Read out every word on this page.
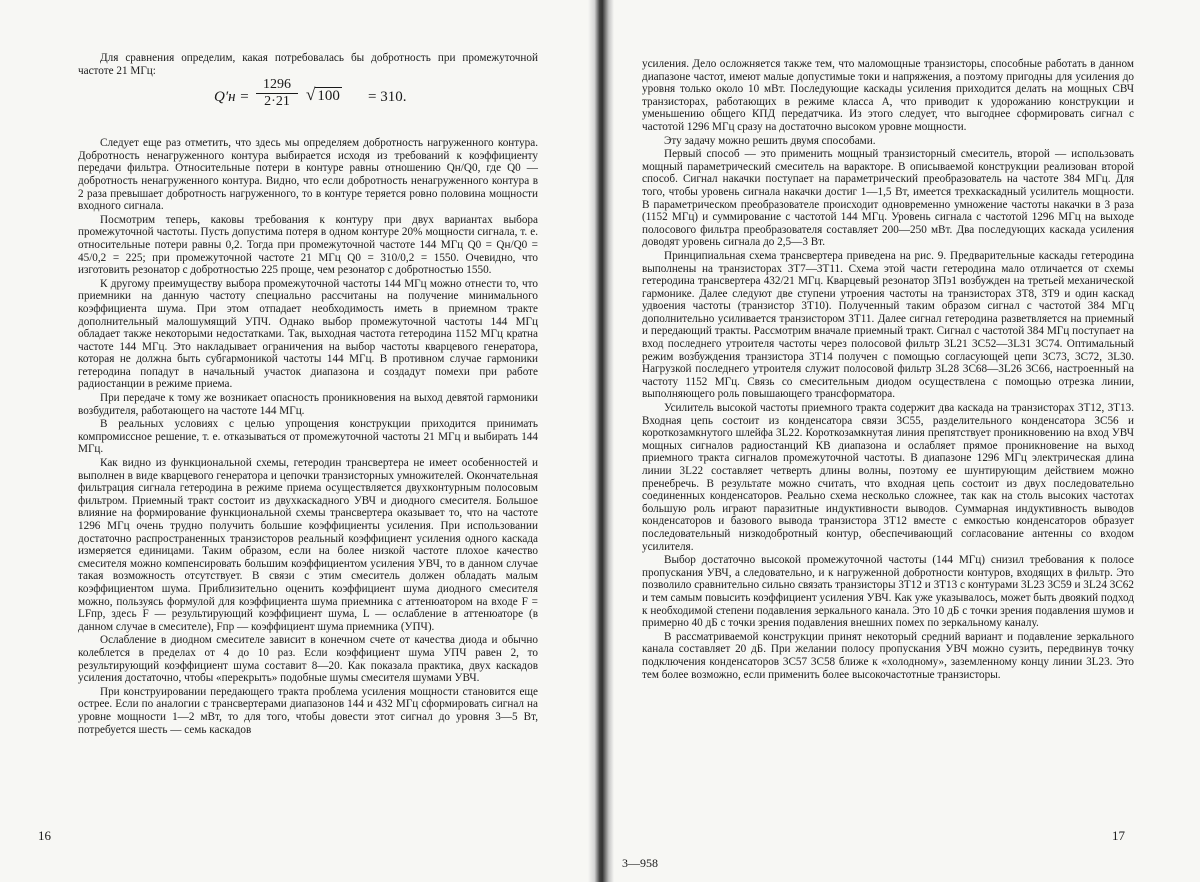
Для сравнения определим, какая потребовалась бы добротность при промежуточной частоте 21 МГц:

$Q'н = \frac{1296}{2\cdot 21}$ √ 100 = 310.

Следует еще раз отметить, что здесь мы определяем добротность нагруженного контура. Добротность ненагруженного контура выбирается исходя из требований к коэффициенту передачи фильтра. Относительные потери в контуре равны отношению Qн/Q0, где Q0 — добротность ненагруженного контура. Видно, что если добротность ненагруженного контура в 2 раза превышает добротность нагруженного, то в контуре теряется ровно половина мощности входного сигнала.

Посмотрим теперь, каковы требования к контуру при двух вариантах выбора промежуточной частоты. Пусть допустима потеря в одном контуре 20% мощности сигнала, т. е. относительные потери равны 0,2. Тогда при промежуточной частоте 144 МГц Q0 = Qн/Q0 = 45/0,2 = 225; при промежуточной частоте 21 МГц Q0 = 310/0,2 = 1550. Очевидно, что изготовить резонатор с добротностью 225 проще, чем резонатор с добротностью 1550.

К другому преимуществу выбора промежуточной частоты 144 МГц можно отнести то, что приемники на данную частоту специально рассчитаны на получение минимального коэффициента шума. При этом отпадает необходимость иметь в приемном тракте дополнительный малошумящий УПЧ. Однако выбор промежуточной частоты 144 МГц обладает также некоторыми недостатками. Так, выходная частота гетеродина 1152 МГц кратна частоте 144 МГц. Это накладывает ограничения на выбор частоты кварцевого генератора, которая не должна быть субгармоникой частоты 144 МГц. В противном случае гармоники гетеродина попадут в начальный участок диапазона и создадут помехи при работе радиостанции в режиме приема.

При передаче к тому же возникает опасность проникновения на выход девятой гармоники возбудителя, работающего на частоте 144 МГц.

В реальных условиях с целью упрощения конструкции приходится принимать компромиссное решение, т. е. отказываться от промежуточной частоты 21 МГц и выбирать 144 МГц.

Как видно из функциональной схемы, гетеродин трансвертера не имеет особенностей и выполнен в виде кварцевого генератора и цепочки транзисторных умножителей. Окончательная фильтрация сигнала гетеродина в режиме приема осуществляется двухконтурным полосовым фильтром. Приемный тракт состоит из двухкаскадного УВЧ и диодного смесителя. Большое влияние на формирование функциональной схемы трансвертера оказывает то, что на частоте 1296 МГц очень трудно получить большие коэффициенты усиления. При использовании достаточно распространенных транзисторов реальный коэффициент усиления одного каскада измеряется единицами. Таким образом, если на более низкой частоте плохое качество смесителя можно компенсировать большим коэффициентом усиления УВЧ, то в данном случае такая возможность отсутствует. В связи с этим смеситель должен обладать малым коэффициентом шума. Приблизительно оценить коэффициент шума диодного смесителя можно, пользуясь формулой для коэффициента шума приемника с аттенюатором на входе F = LFпр, здесь F — результирующий коэффициент шума, L — ослабление в аттенюаторе (в данном случае в смесителе), Fпр — коэффициент шума приемника (УПЧ).

Ослабление в диодном смесителе зависит в конечном счете от качества диода и обычно колеблется в пределах от 4 до 10 раз. Если коэффициент шума УПЧ равен 2, то результирующий коэффициент шума составит 8—20. Как показала практика, двух каскадов усиления достаточно, чтобы «перекрыть» подобные шумы смесителя шумами УВЧ.

При конструировании передающего тракта проблема усиления мощности становится еще острее. Если по аналогии с трансвертерами диапазонов 144 и 432 МГц сформировать сигнал на уровне мощности 1—2 мВт, то для того, чтобы довести этот сигнал до уровня 3—5 Вт, потребуется шесть — семь каскадов

16

усиления. Дело осложняется также тем, что маломощные транзисторы, способные работать в данном диапазоне частот, имеют малые допустимые токи и напряжения, а поэтому пригодны для усиления до уровня только около 10 мВт. Последующие каскады усиления приходится делать на мощных СВЧ транзисторах, работающих в режиме класса А, что приводит к удорожанию конструкции и уменьшению общего КПД передатчика. Из этого следует, что выгоднее сформировать сигнал с частотой 1296 МГц сразу на достаточно высоком уровне мощности.

Эту задачу можно решить двумя способами.

Первый способ — это применить мощный транзисторный смеситель, второй — использовать мощный параметрический смеситель на варакторе. В описываемой конструкции реализован второй способ. Сигнал накачки поступает на параметрический преобразователь на частоте 384 МГц. Для того, чтобы уровень сигнала накачки достиг 1—1,5 Вт, имеется трехкаскадный усилитель мощности. В параметрическом преобразователе происходит одновременно умножение частоты накачки в 3 раза (1152 МГц) и суммирование с частотой 144 МГц. Уровень сигнала с частотой 1296 МГц на выходе полосового фильтра преобразователя составляет 200—250 мВт. Два последующих каскада усиления доводят уровень сигнала до 2,5—3 Вт.

Принципиальная схема трансвертера приведена на рис. 9. Предварительные каскады гетеродина выполнены на транзисторах 3Т7—3Т11. Схема этой части гетеродина мало отличается от схемы гетеродина трансвертера 432/21 МГц. Кварцевый резонатор 3Пэ1 возбужден на третьей механической гармонике. Далее следуют две ступени утроения частоты на транзисторах 3Т8, 3Т9 и один каскад удвоения частоты (транзистор 3Т10). Полученный таким образом сигнал с частотой 384 МГц дополнительно усиливается транзистором 3Т11. Далее сигнал гетеродина разветвляется на приемный и передающий тракты. Рассмотрим вначале приемный тракт. Сигнал с частотой 384 МГц поступает на вход последнего утроителя частоты через полосовой фильтр 3L21 3С52—3L31 3С74. Оптимальный режим возбуждения транзистора 3Т14 получен с помощью согласующей цепи 3С73, 3С72, 3L30. Нагрузкой последнего утроителя служит полосовой фильтр 3L28 3С68—3L26 3С66, настроенный на частоту 1152 МГц. Связь со смесительным диодом осуществлена с помощью отрезка линии, выполняющего роль повышающего трансформатора.

Усилитель высокой частоты приемного тракта содержит два каскада на транзисторах 3Т12, 3Т13. Входная цепь состоит из конденсатора связи 3С55, разделительного конденсатора 3С56 и короткозамкнутого шлейфа 3L22. Короткозамкнутая линия препятствует проникновению на вход УВЧ мощных сигналов радиостанций КВ диапазона и ослабляет прямое проникновение на выход приемного тракта сигналов промежуточной частоты. В диапазоне 1296 МГц электрическая длина линии 3L22 составляет четверть длины волны, поэтому ее шунтирующим действием можно пренебречь. В результате можно считать, что входная цепь состоит из двух последовательно соединенных конденсаторов. Реально схема несколько сложнее, так как на столь высоких частотах большую роль играют паразитные индуктивности выводов. Суммарная индуктивность выводов конденсаторов и базового вывода транзистора 3Т12 вместе с емкостью конденсаторов образует последовательный низкодобротный контур, обеспечивающий согласование антенны со входом усилителя.

Выбор достаточно высокой промежуточной частоты (144 МГц) снизил требования к полосе пропускания УВЧ, а следовательно, и к нагруженной добротности контуров, входящих в фильтр. Это позволило сравнительно сильно связать транзисторы 3Т12 и 3Т13 с контурами 3L23 3С59 и 3L24 3С62 и тем самым повысить коэффициент усиления УВЧ. Как уже указывалось, может быть двоякий подход к необходимой степени подавления зеркального канала. Это 10 дБ с точки зрения подавления шумов и примерно 40 дБ с точки зрения подавления внешних помех по зеркальному каналу.

В рассматриваемой конструкции принят некоторый средний вариант и подавление зеркального канала составляет 20 дБ. При желании полосу пропускания УВЧ можно сузить, передвинув точку подключения конденсаторов 3С57 3С58 ближе к «холодному», заземленному концу линии 3L23. Это тем более возможно, если применить более высокочастотные транзисторы.

3—958
17
